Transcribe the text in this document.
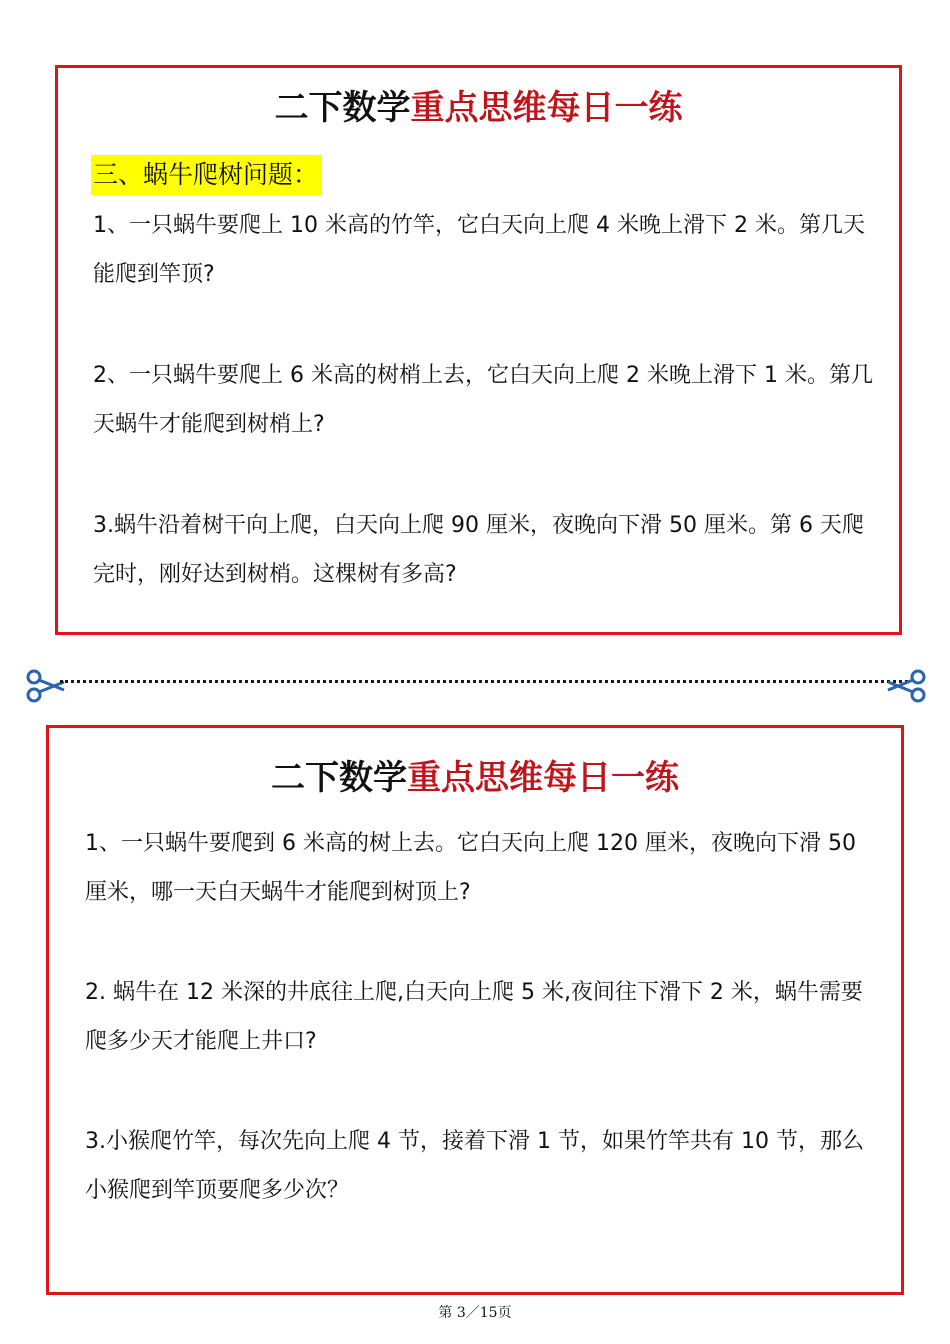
二下数学重点思维每日一练
三、蜗牛爬树问题：

1、一只蜗牛要爬上 10 米高的竹竿，它白天向上爬 4 米晚上滑下 2 米。第几天能爬到竿顶?

2、一只蜗牛要爬上 6 米高的树梢上去，它白天向上爬 2 米晚上滑下 1 米。第几天蜗牛才能爬到树梢上?

3.蜗牛沿着树干向上爬，白天向上爬 90 厘米，夜晚向下滑 50 厘米。第 6 天爬完时，刚好达到树梢。这棵树有多高?

二下数学重点思维每日一练

1、一只蜗牛要爬到 6 米高的树上去。它白天向上爬 120 厘米，夜晚向下滑 50 厘米，哪一天白天蜗牛才能爬到树顶上?

2. 蜗牛在 12 米深的井底往上爬,白天向上爬 5 米,夜间往下滑下 2 米，蜗牛需要爬多少天才能爬上井口?

3.小猴爬竹竿，每次先向上爬 4 节，接着下滑 1 节，如果竹竿共有 10 节，那么小猴爬到竿顶要爬多少次？

第 3／15页
